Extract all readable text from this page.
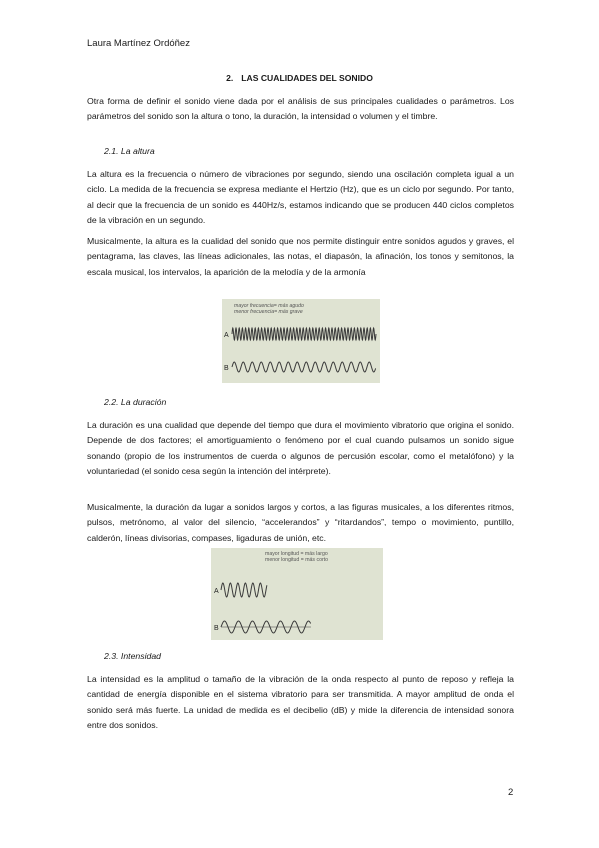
Laura Martínez Ordóñez
2. LAS CUALIDADES DEL SONIDO

Otra forma de definir el sonido viene dada por el análisis de sus principales cualidades o parámetros. Los parámetros del sonido son la altura o tono, la duración, la intensidad o volumen y el timbre.

2.1. La altura

La altura es la frecuencia o número de vibraciones por segundo, siendo una oscilación completa igual a un ciclo. La medida de la frecuencia se expresa mediante el Hertzio (Hz), que es un ciclo por segundo. Por tanto, al decir que la frecuencia de un sonido es 440Hz/s, estamos indicando que se producen 440 ciclos completos de la vibración en un segundo.

Musicalmente, la altura es la cualidad del sonido que nos permite distinguir entre sonidos agudos y graves, el pentagrama, las claves, las líneas adicionales, las notas, el diapasón, la afinación, los tonos y semitonos, la escala musical, los intervalos, la aparición de la melodía y de la armonía

mayor frecuencia= más agudo
menor frecuencia= más grave
A
B
2.2. La duración

La duración es una cualidad que depende del tiempo que dura el movimiento vibratorio que origina el sonido. Depende de dos factores; el amortiguamiento o fenómeno por el cual cuando pulsamos un sonido sigue sonando (propio de los instrumentos de cuerda o algunos de percusión escolar, como el metalófono) y la voluntariedad (el sonido cesa según la intención del intérprete).

Musicalmente, la duración da lugar a sonidos largos y cortos, a las figuras musicales, a los diferentes ritmos, pulsos, metrónomo, al valor del silencio, “accelerandos” y “ritardandos”, tempo o movimiento, puntillo, calderón, líneas divisorias, compases, ligaduras de unión, etc.

mayor longitud = más largo
menor longitud = más corto
A
B
2.3. Intensidad

La intensidad es la amplitud o tamaño de la vibración de la onda respecto al punto de reposo y refleja la cantidad de energía disponible en el sistema vibratorio para ser transmitida. A mayor amplitud de onda el sonido será más fuerte. La unidad de medida es el decibelio (dB) y mide la diferencia de intensidad sonora entre dos sonidos.

2
